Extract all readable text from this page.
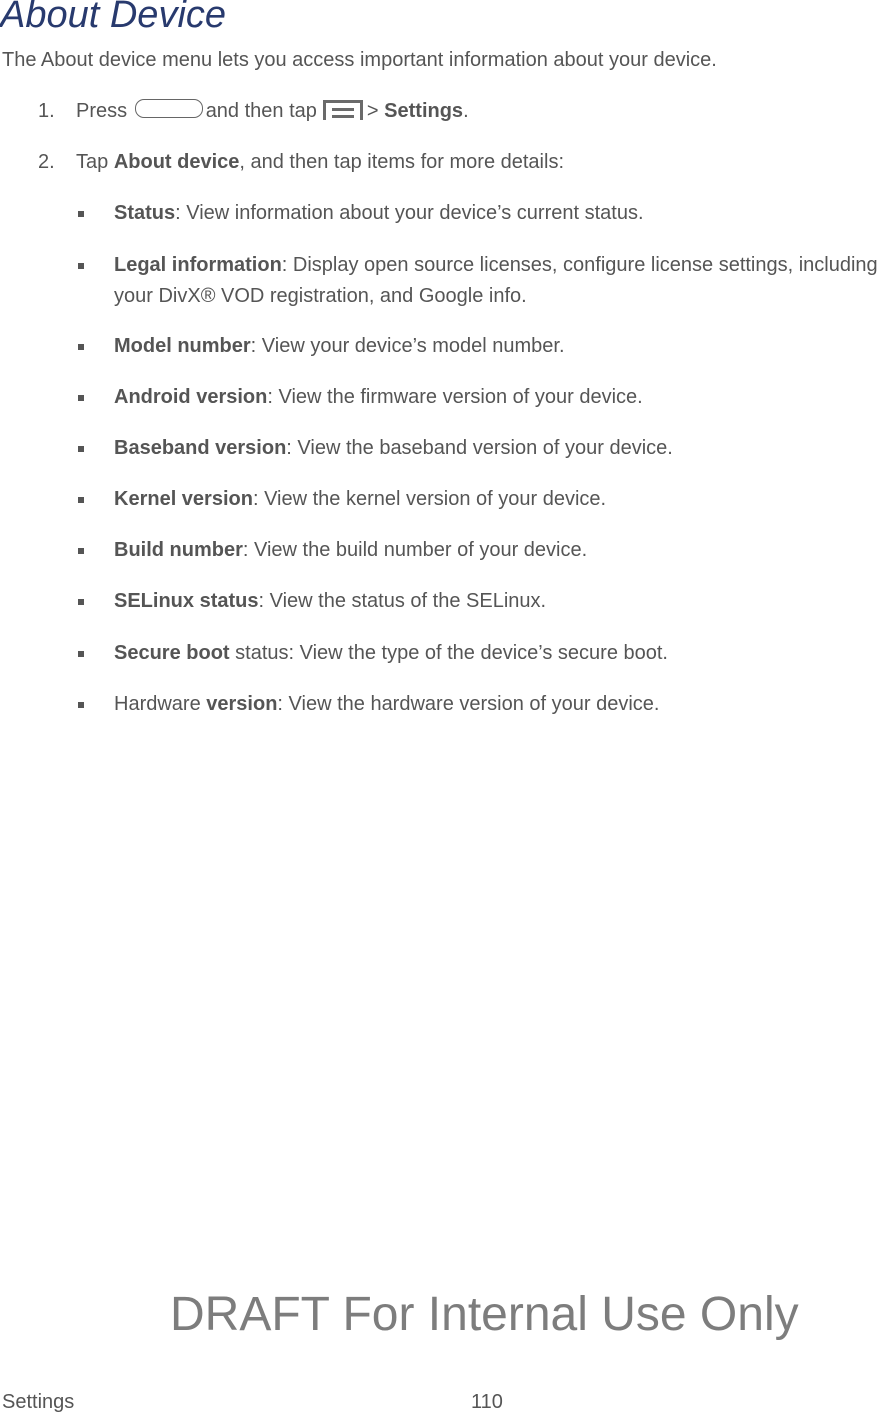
About Device

The About device menu lets you access important information about your device.

1. Press	and then tap	> Settings.
2. Tap About device, and then tap items for more details:
Status: View information about your device’s current status.
Legal information: Display open source licenses, configure license settings, including your DivX® VOD registration, and Google info.
Model number: View your device’s model number.
Android version: View the firmware version of your device.
Baseband version: View the baseband version of your device.
Kernel version: View the kernel version of your device.
Build number: View the build number of your device.
SELinux status: View the status of the SELinux.
Secure boot status: View the type of the device’s secure boot.
Hardware version: View the hardware version of your device.
DRAFT For Internal Use Only
Settings	110
